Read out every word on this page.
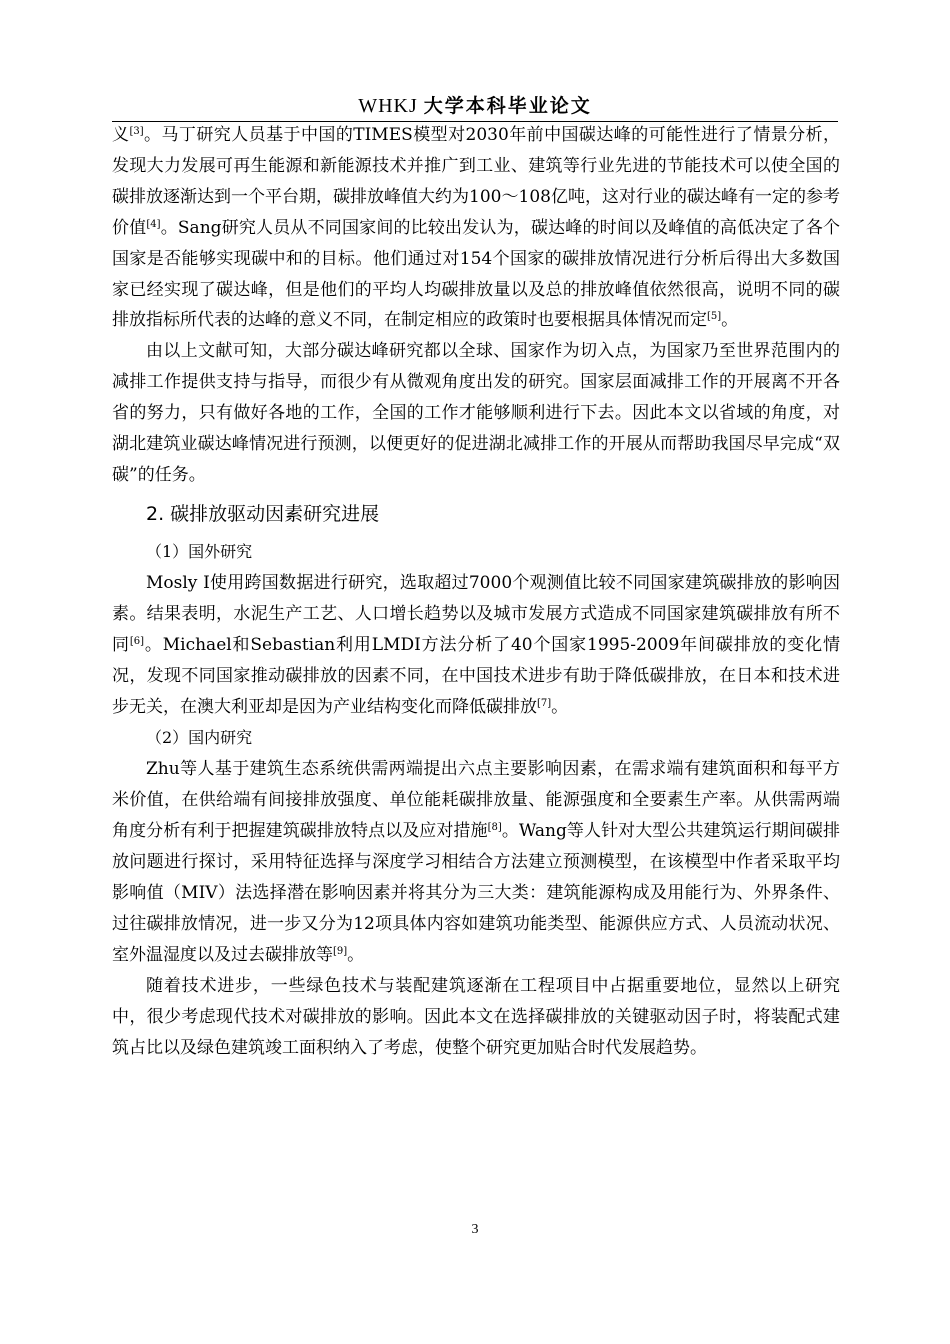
WHKJ 大学本科毕业论文

义[3]。马丁研究人员基于中国的TIMES模型对2030年前中国碳达峰的可能性进行了情景分析，发现大力发展可再生能源和新能源技术并推广到工业、建筑等行业先进的节能技术可以使全国的碳排放逐渐达到一个平台期，碳排放峰值大约为100～108亿吨，这对行业的碳达峰有一定的参考价值[4]。Sang研究人员从不同国家间的比较出发认为，碳达峰的时间以及峰值的高低决定了各个国家是否能够实现碳中和的目标。他们通过对154个国家的碳排放情况进行分析后得出大多数国家已经实现了碳达峰，但是他们的平均人均碳排放量以及总的排放峰值依然很高，说明不同的碳排放指标所代表的达峰的意义不同，在制定相应的政策时也要根据具体情况而定[5]。

由以上文献可知，大部分碳达峰研究都以全球、国家作为切入点，为国家乃至世界范围内的减排工作提供支持与指导，而很少有从微观角度出发的研究。国家层面减排工作的开展离不开各省的努力，只有做好各地的工作，全国的工作才能够顺利进行下去。因此本文以省域的角度，对湖北建筑业碳达峰情况进行预测，以便更好的促进湖北减排工作的开展从而帮助我国尽早完成“双碳”的任务。

2. 碳排放驱动因素研究进展
（1）国外研究

Mosly I使用跨国数据进行研究，选取超过7000个观测值比较不同国家建筑碳排放的影响因素。结果表明，水泥生产工艺、人口增长趋势以及城市发展方式造成不同国家建筑碳排放有所不同[6]。Michael和Sebastian利用LMDI方法分析了40个国家1995-2009年间碳排放的变化情况，发现不同国家推动碳排放的因素不同，在中国技术进步有助于降低碳排放，在日本和技术进步无关，在澳大利亚却是因为产业结构变化而降低碳排放[7]。

（2）国内研究

Zhu等人基于建筑生态系统供需两端提出六点主要影响因素，在需求端有建筑面积和每平方米价值，在供给端有间接排放强度、单位能耗碳排放量、能源强度和全要素生产率。从供需两端角度分析有利于把握建筑碳排放特点以及应对措施[8]。Wang等人针对大型公共建筑运行期间碳排放问题进行探讨，采用特征选择与深度学习相结合方法建立预测模型，在该模型中作者采取平均影响值（MIV）法选择潜在影响因素并将其分为三大类：建筑能源构成及用能行为、外界条件、过往碳排放情况，进一步又分为12项具体内容如建筑功能类型、能源供应方式、人员流动状况、室外温湿度以及过去碳排放等[9]。

随着技术进步，一些绿色技术与装配建筑逐渐在工程项目中占据重要地位，显然以上研究中，很少考虑现代技术对碳排放的影响。因此本文在选择碳排放的关键驱动因子时，将装配式建筑占比以及绿色建筑竣工面积纳入了考虑，使整个研究更加贴合时代发展趋势。

3
